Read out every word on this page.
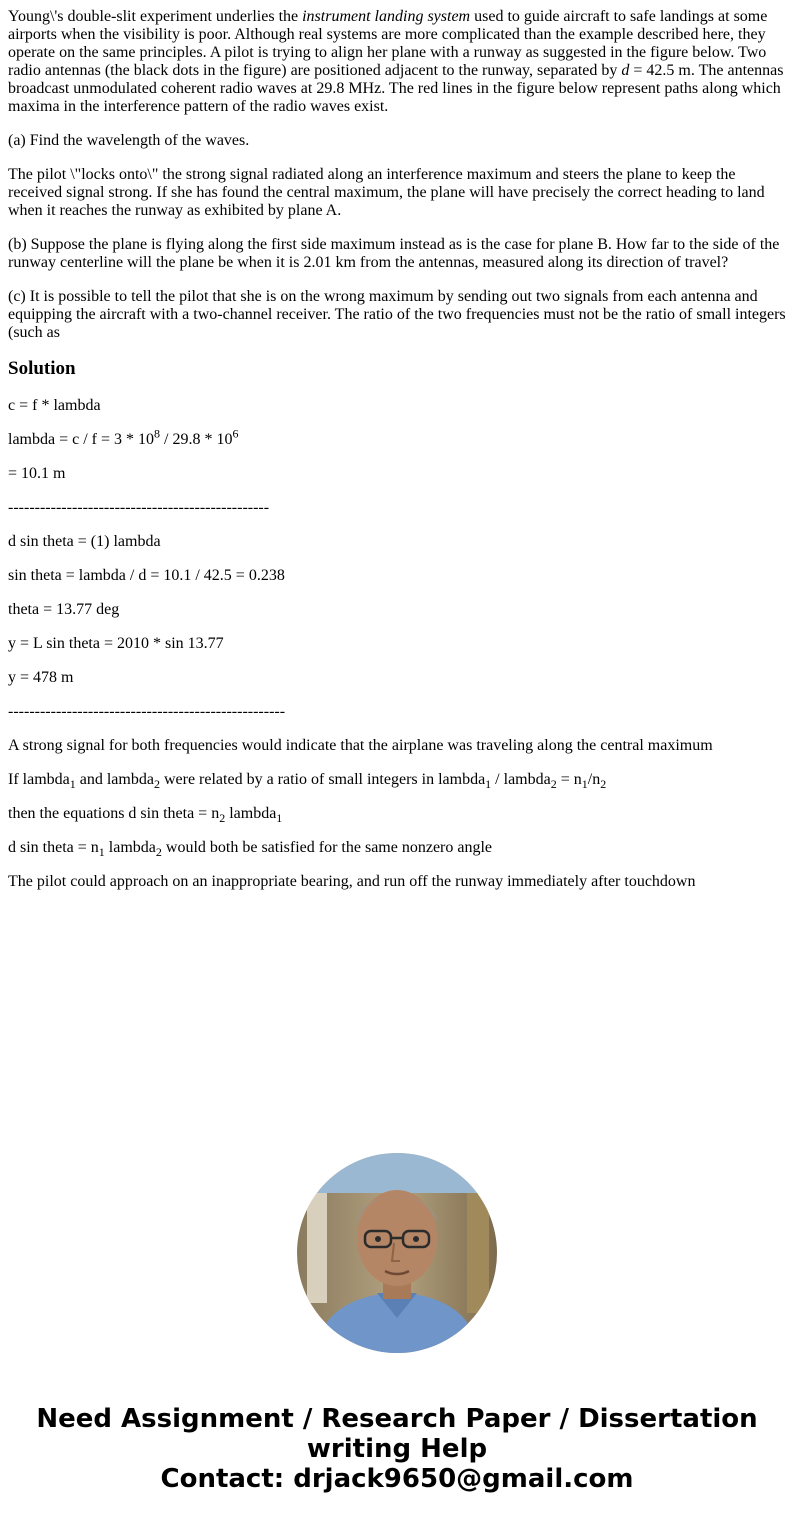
Young\'s double-slit experiment underlies the instrument landing system used to guide aircraft to safe landings at some airports when the visibility is poor. Although real systems are more complicated than the example described here, they operate on the same principles. A pilot is trying to align her plane with a runway as suggested in the figure below. Two radio antennas (the black dots in the figure) are positioned adjacent to the runway, separated by d = 42.5 m. The antennas broadcast unmodulated coherent radio waves at 29.8 MHz. The red lines in the figure below represent paths along which maxima in the interference pattern of the radio waves exist.

(a) Find the wavelength of the waves.

The pilot \"locks onto\" the strong signal radiated along an interference maximum and steers the plane to keep the received signal strong. If she has found the central maximum, the plane will have precisely the correct heading to land when it reaches the runway as exhibited by plane A.

(b) Suppose the plane is flying along the first side maximum instead as is the case for plane B. How far to the side of the runway centerline will the plane be when it is 2.01 km from the antennas, measured along its direction of travel?

(c) It is possible to tell the pilot that she is on the wrong maximum by sending out two signals from each antenna and equipping the aircraft with a two-channel receiver. The ratio of the two frequencies must not be the ratio of small integers (such as

Solution

c = f * lambda

lambda = $c / f = 3 * 10^8 / 29.8 * 10^6$

= 10.1 m

-------------------------------------------------

d sin theta = (1) lambda

sin theta = lambda / d = 10.1 / 42.5 = 0.238

theta = 13.77 deg

y = L sin theta = 2010 * sin 13.77

y = 478 m

----------------------------------------------------

A strong signal for both frequencies would indicate that the airplane was traveling along the central maximum

If lambda$_1$ and lambda$_2$ were related by a ratio of small integers in lambda$_1$ / lambda$_2$ = $n_1/n_2$

then the equations d sin theta = $n_2$ lambda$_1$

d sin theta = $n_1$ lambda$_2$ would both be satisfied for the same nonzero angle

The pilot could approach on an inappropriate bearing, and run off the runway immediately after touchdown

Need Assignment / Research Paper / Dissertation
writing Help
Contact: drjack9650@gmail.com
